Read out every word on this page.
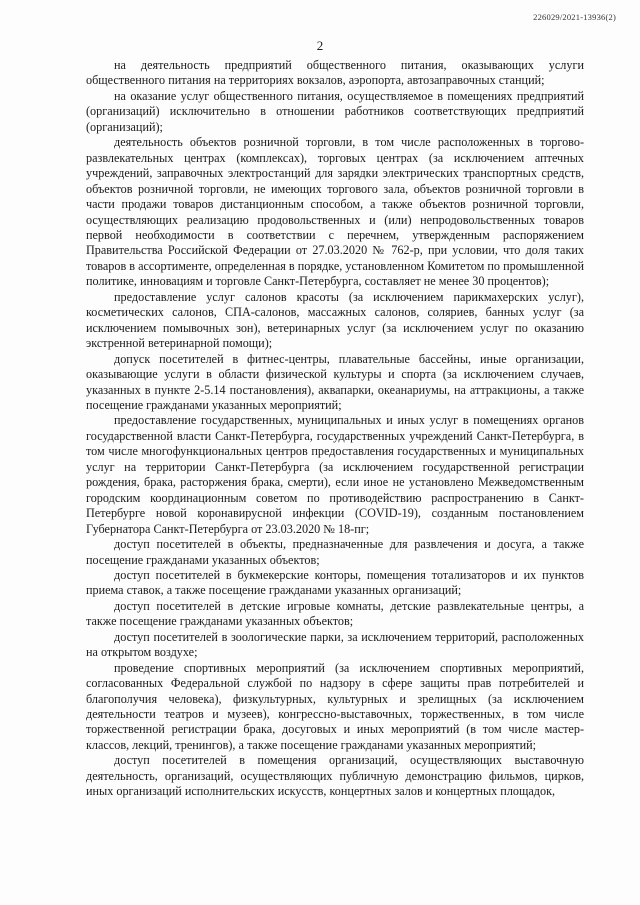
226029/2021-13936(2)
2

на деятельность предприятий общественного питания, оказывающих услуги общественного питания на территориях вокзалов, аэропорта, автозаправочных станций;

на оказание услуг общественного питания, осуществляемое в помещениях предприятий (организаций) исключительно в отношении работников соответствующих предприятий (организаций);

деятельность объектов розничной торговли, в том числе расположенных в торгово-развлекательных центрах (комплексах), торговых центрах (за исключением аптечных учреждений, заправочных электростанций для зарядки электрических транспортных средств, объектов розничной торговли, не имеющих торгового зала, объектов розничной торговли в части продажи товаров дистанционным способом, а также объектов розничной торговли, осуществляющих реализацию продовольственных и (или) непродовольственных товаров первой необходимости в соответствии с перечнем, утвержденным распоряжением Правительства Российской Федерации от 27.03.2020 № 762-р, при условии, что доля таких товаров в ассортименте, определенная в порядке, установленном Комитетом по промышленной политике, инновациям и торговле Санкт-Петербурга, составляет не менее 30 процентов);

предоставление услуг салонов красоты (за исключением парикмахерских услуг), косметических салонов, СПА-салонов, массажных салонов, соляриев, банных услуг (за исключением помывочных зон), ветеринарных услуг (за исключением услуг по оказанию экстренной ветеринарной помощи);

допуск посетителей в фитнес-центры, плавательные бассейны, иные организации, оказывающие услуги в области физической культуры и спорта (за исключением случаев, указанных в пункте 2-5.14 постановления), аквапарки, океанариумы, на аттракционы, а также посещение гражданами указанных мероприятий;

предоставление государственных, муниципальных и иных услуг в помещениях органов государственной власти Санкт-Петербурга, государственных учреждений Санкт-Петербурга, в том числе многофункциональных центров предоставления государственных и муниципальных услуг на территории Санкт-Петербурга (за исключением государственной регистрации рождения, брака, расторжения брака, смерти), если иное не установлено Межведомственным городским координационным советом по противодействию распространению в Санкт-Петербурге новой коронавирусной инфекции (COVID-19), созданным постановлением Губернатора Санкт-Петербурга от 23.03.2020 № 18-пг;

доступ посетителей в объекты, предназначенные для развлечения и досуга, а также посещение гражданами указанных объектов;

доступ посетителей в букмекерские конторы, помещения тотализаторов и их пунктов приема ставок, а также посещение гражданами указанных организаций;

доступ посетителей в детские игровые комнаты, детские развлекательные центры, а также посещение гражданами указанных объектов;

доступ посетителей в зоологические парки, за исключением территорий, расположенных на открытом воздухе;

проведение спортивных мероприятий (за исключением спортивных мероприятий, согласованных Федеральной службой по надзору в сфере защиты прав потребителей и благополучия человека), физкультурных, культурных и зрелищных (за исключением деятельности театров и музеев), конгрессно-выставочных, торжественных, в том числе торжественной регистрации брака, досуговых и иных мероприятий (в том числе мастер-классов, лекций, тренингов), а также посещение гражданами указанных мероприятий;

доступ посетителей в помещения организаций, осуществляющих выставочную деятельность, организаций, осуществляющих публичную демонстрацию фильмов, цирков, иных организаций исполнительских искусств, концертных залов и концертных площадок,
